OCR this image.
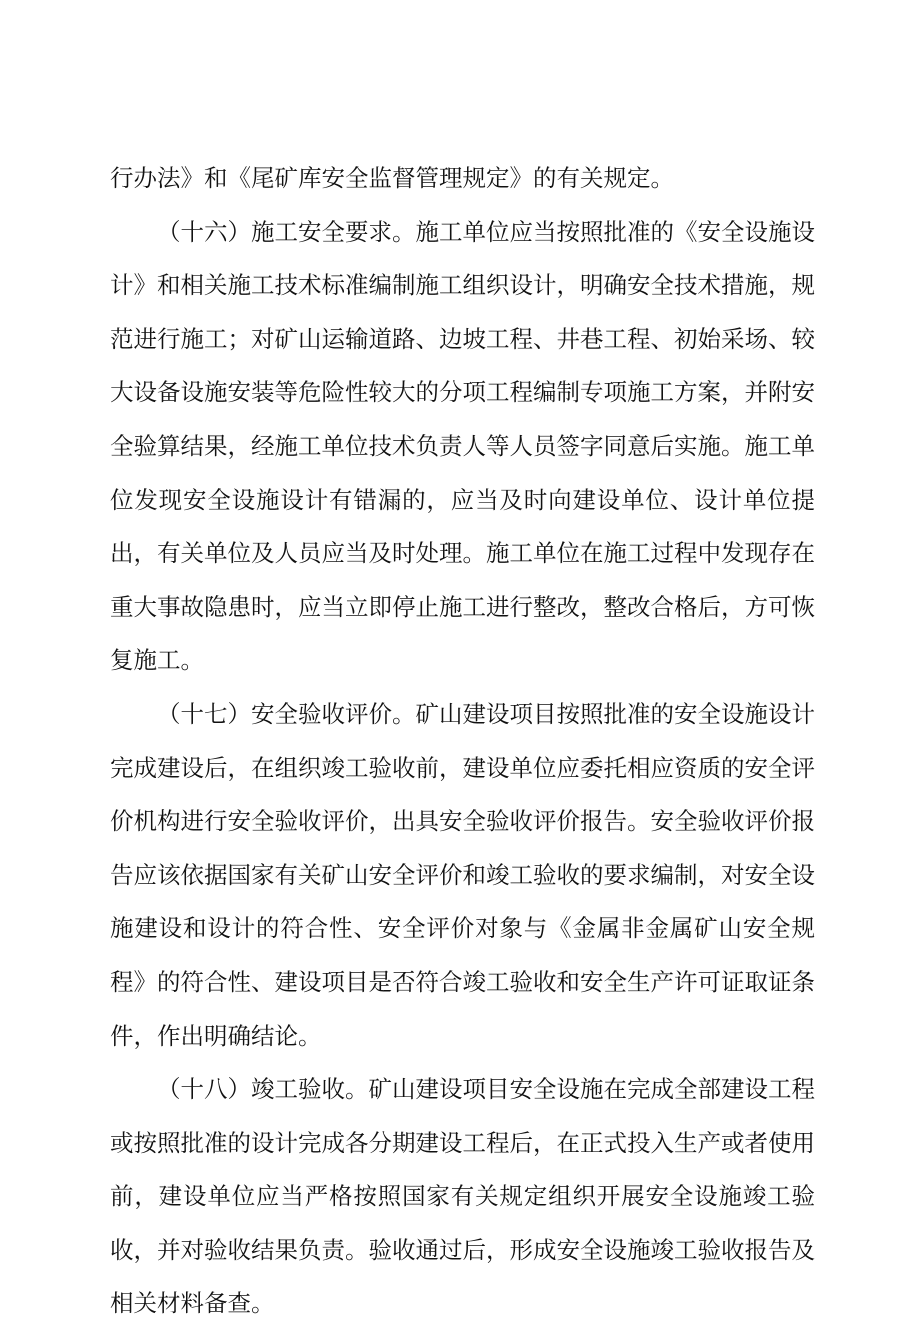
行办法》和《尾矿库安全监督管理规定》的有关规定。

（十六）施工安全要求。施工单位应当按照批准的《安全设施设计》和相关施工技术标准编制施工组织设计，明确安全技术措施，规范进行施工；对矿山运输道路、边坡工程、井巷工程、初始采场、较大设备设施安装等危险性较大的分项工程编制专项施工方案，并附安全验算结果，经施工单位技术负责人等人员签字同意后实施。施工单位发现安全设施设计有错漏的，应当及时向建设单位、设计单位提出，有关单位及人员应当及时处理。施工单位在施工过程中发现存在重大事故隐患时，应当立即停止施工进行整改，整改合格后，方可恢复施工。

（十七）安全验收评价。矿山建设项目按照批准的安全设施设计完成建设后，在组织竣工验收前，建设单位应委托相应资质的安全评价机构进行安全验收评价，出具安全验收评价报告。安全验收评价报告应该依据国家有关矿山安全评价和竣工验收的要求编制，对安全设施建设和设计的符合性、安全评价对象与《金属非金属矿山安全规程》的符合性、建设项目是否符合竣工验收和安全生产许可证取证条件，作出明确结论。

（十八）竣工验收。矿山建设项目安全设施在完成全部建设工程或按照批准的设计完成各分期建设工程后，在正式投入生产或者使用前，建设单位应当严格按照国家有关规定组织开展安全设施竣工验收，并对验收结果负责。验收通过后，形成安全设施竣工验收报告及相关材料备查。
